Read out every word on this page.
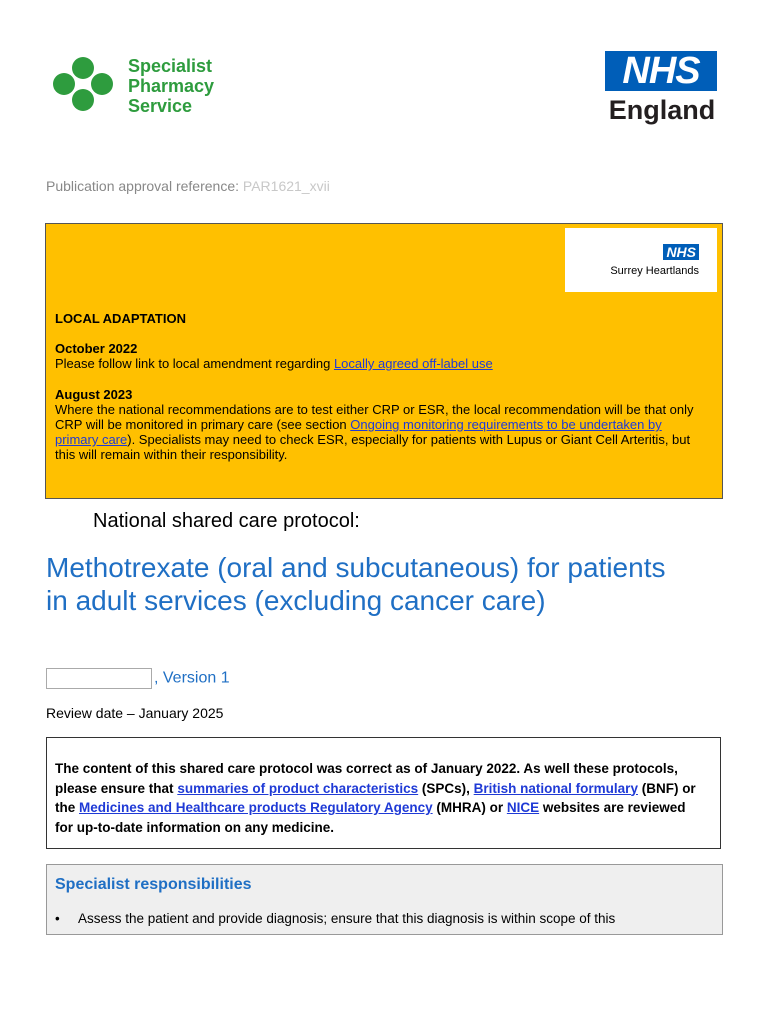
Specialist
Pharmacy
Service
NHS
England
Publication approval reference: PAR1621_xvii
NHS
Surrey Heartlands
LOCAL ADAPTATION
October 2022
Please follow link to local amendment regarding Locally agreed off-label use
August 2023
Where the national recommendations are to test either CRP or ESR, the local recommendation will be that only CRP will be monitored in primary care (see section Ongoing monitoring requirements to be undertaken by primary care). Specialists may need to check ESR, especially for patients with Lupus or Giant Cell Arteritis, but this will remain within their responsibility.
National shared care protocol:
Methotrexate (oral and subcutaneous) for patients in adult services (excluding cancer care)
, Version 1
Review date – January 2025

The content of this shared care protocol was correct as of January 2022. As well these protocols, please ensure that summaries of product characteristics (SPCs), British national formulary (BNF) or the Medicines and Healthcare products Regulatory Agency (MHRA) or NICE websites are reviewed for up-to-date information on any medicine.

Specialist responsibilities
• Assess the patient and provide diagnosis; ensure that this diagnosis is within scope of this
